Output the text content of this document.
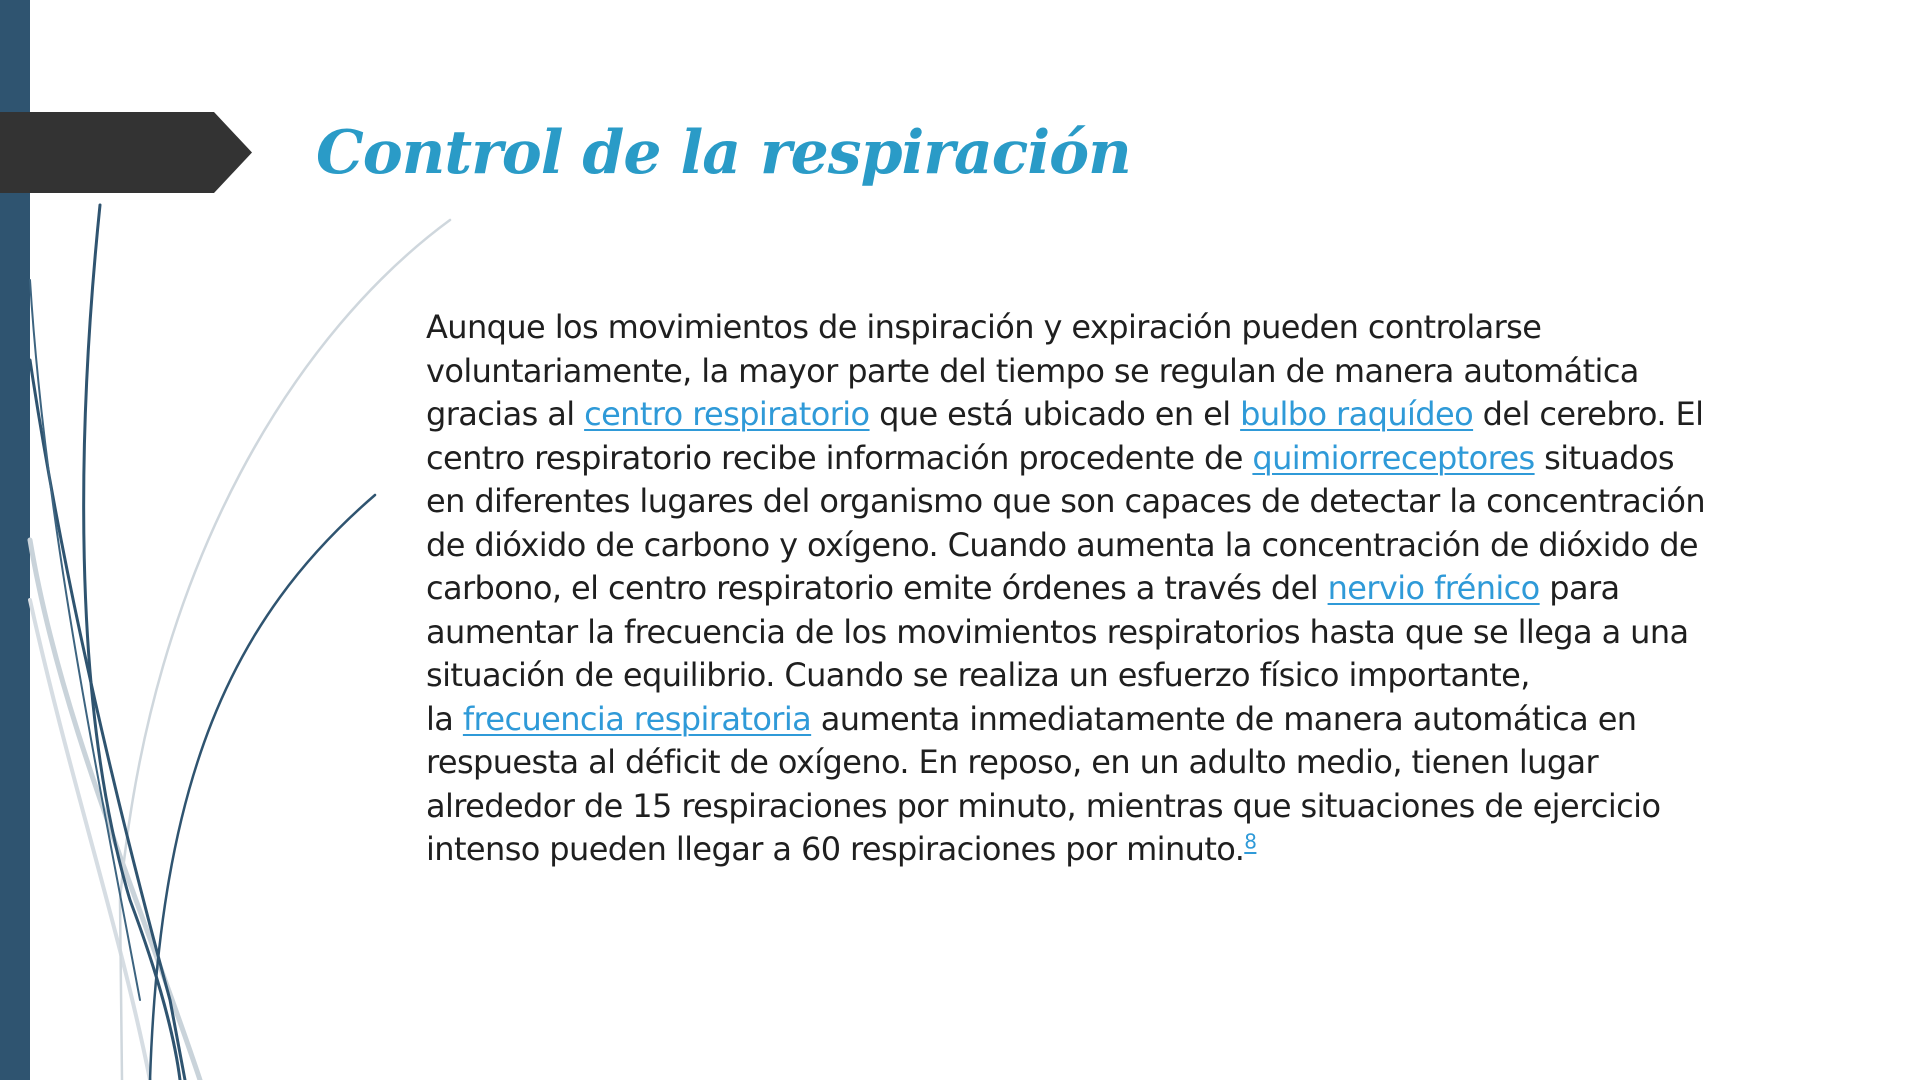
Control de la respiración

Aunque los movimientos de inspiración y expiración pueden controlarse
voluntariamente, la mayor parte del tiempo se regulan de manera automática
gracias al centro respiratorio que está ubicado en el bulbo raquídeo del cerebro. El
centro respiratorio recibe información procedente de quimiorreceptores situados
en diferentes lugares del organismo que son capaces de detectar la concentración
de dióxido de carbono y oxígeno. Cuando aumenta la concentración de dióxido de
carbono, el centro respiratorio emite órdenes a través del nervio frénico para
aumentar la frecuencia de los movimientos respiratorios hasta que se llega a una
situación de equilibrio. Cuando se realiza un esfuerzo físico importante,
la frecuencia respiratoria aumenta inmediatamente de manera automática en
respuesta al déficit de oxígeno. En reposo, en un adulto medio, tienen lugar
alrededor de 15 respiraciones por minuto, mientras que situaciones de ejercicio
intenso pueden llegar a 60 respiraciones por minuto.$^8$
